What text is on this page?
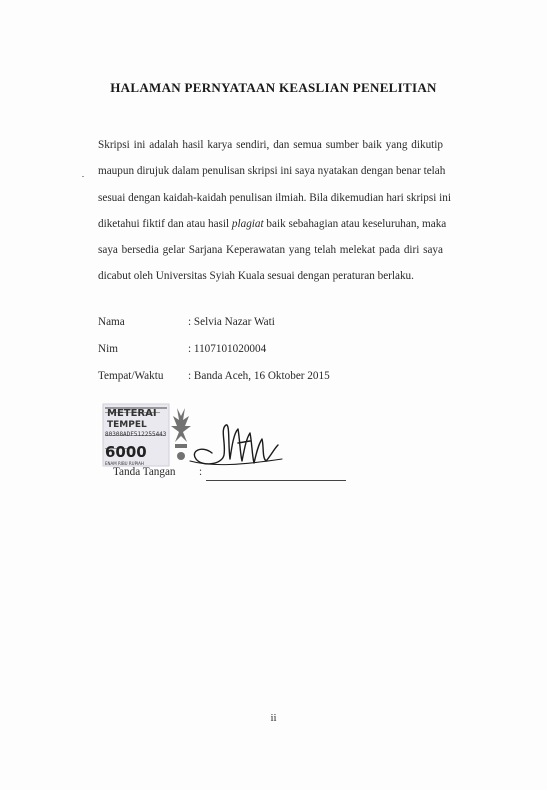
HALAMAN PERNYATAAN KEASLIAN PENELITIAN
Skripsi ini adalah hasil karya sendiri, dan semua sumber baik yang dikutip
maupun dirujuk dalam penulisan skripsi ini saya nyatakan dengan benar telah
sesuai dengan kaidah-kaidah penulisan ilmiah. Bila dikemudian hari skripsi ini
diketahui fiktif dan atau hasil plagiat baik sebahagian atau keseluruhan, maka
saya bersedia gelar Sarjana Keperawatan yang telah melekat pada diri saya
dicabut oleh Universitas Syiah Kuala sesuai dengan peraturan berlaku.
Nama	: Selvia Nazar Wati
Nim	: 1107101020004
Tempat/Waktu : Banda Aceh, 16 Oktober 2015
METERAI
TEMPEL
80308ADF512255443
6000
ENAM RIBU RUPIAH
Tanda Tangan :
ii
